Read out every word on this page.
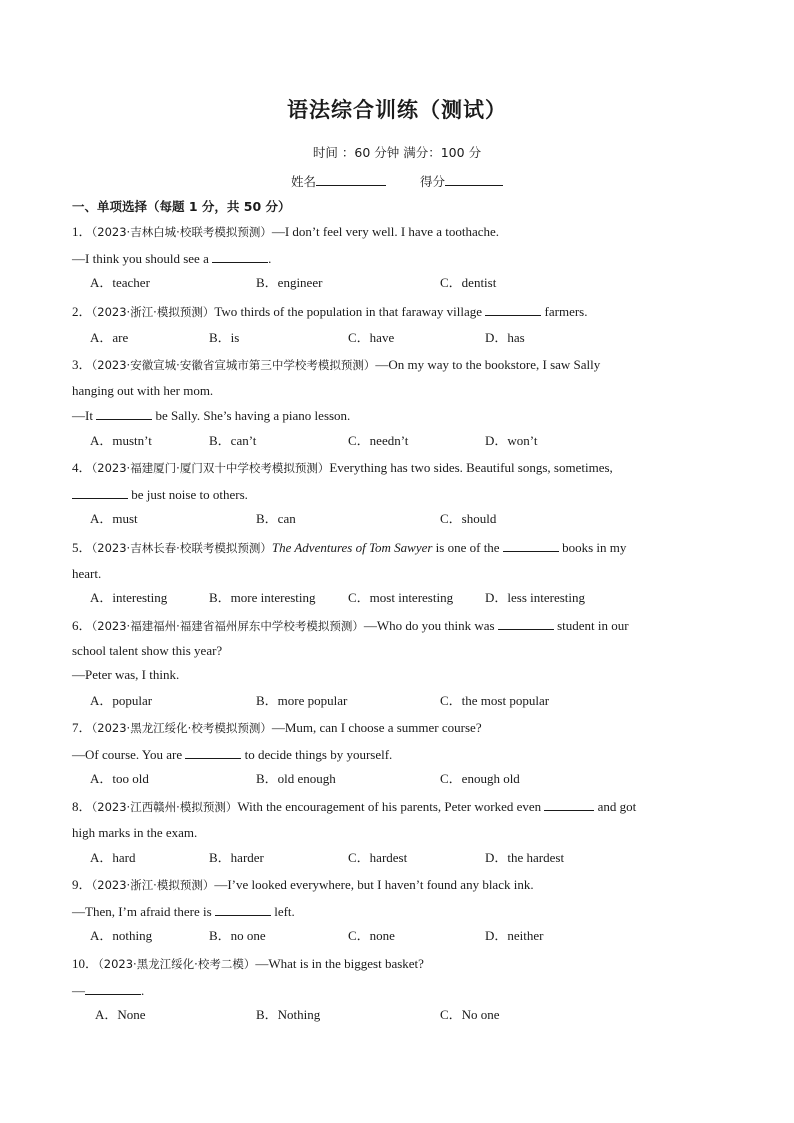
语法综合训练（测试）
时间 ：60 分钟 满分：100 分
姓名	得分
一、单项选择（每题 1 分，共 50 分）
1．（2023·吉林白城·校联考模拟预测）—I don’t feel very well. I have a toothache.
—I think you should see a	.
A．teacher	B．engineer	C．dentist
2．（2023·浙江·模拟预测）Two thirds of the population in that faraway village	farmers.
A．are	B．is	C．have	D．has
3．（2023·安徽宣城·安徽省宣城市第三中学校考模拟预测）—On my way to the bookstore, I saw Sally
hanging out with her mom.
—It	be Sally. She’s having a piano lesson.
A．mustn’t	B．can’t	C．needn’t	D．won’t
4．（2023·福建厦门·厦门双十中学校考模拟预测）Everything has two sides. Beautiful songs, sometimes,
be just noise to others.
A．must	B．can	C．should
5．（2023·吉林长春·校联考模拟预测）The Adventures of Tom Sawyer is one of the	books in my
heart.
A．interesting	B．more interesting C．most interesting D．less interesting
6．（2023·福建福州·福建省福州屏东中学校考模拟预测）—Who do you think was	student in our
school talent show this year?
—Peter was, I think.
A．popular	B．more popular	C．the most popular
7．（2023·黑龙江绥化·校考模拟预测）—Mum, can I choose a summer course?
—Of course. You are	to decide things by yourself.
A．too old	B．old enough	C．enough old
8．（2023·江西赣州·模拟预测）With the encouragement of his parents, Peter worked even	and got
high marks in the exam.
A．hard	B．harder	C．hardest	D．the hardest
9．（2023·浙江·模拟预测）—I’ve looked everywhere, but I haven’t found any black ink.
—Then, I’m afraid there is	left.
A．nothing	B．no one	C．none	D．neither
10．（2023·黑龙江绥化·校考二模）—What is in the biggest basket?
—	.
A．None	B．Nothing	C．No one
